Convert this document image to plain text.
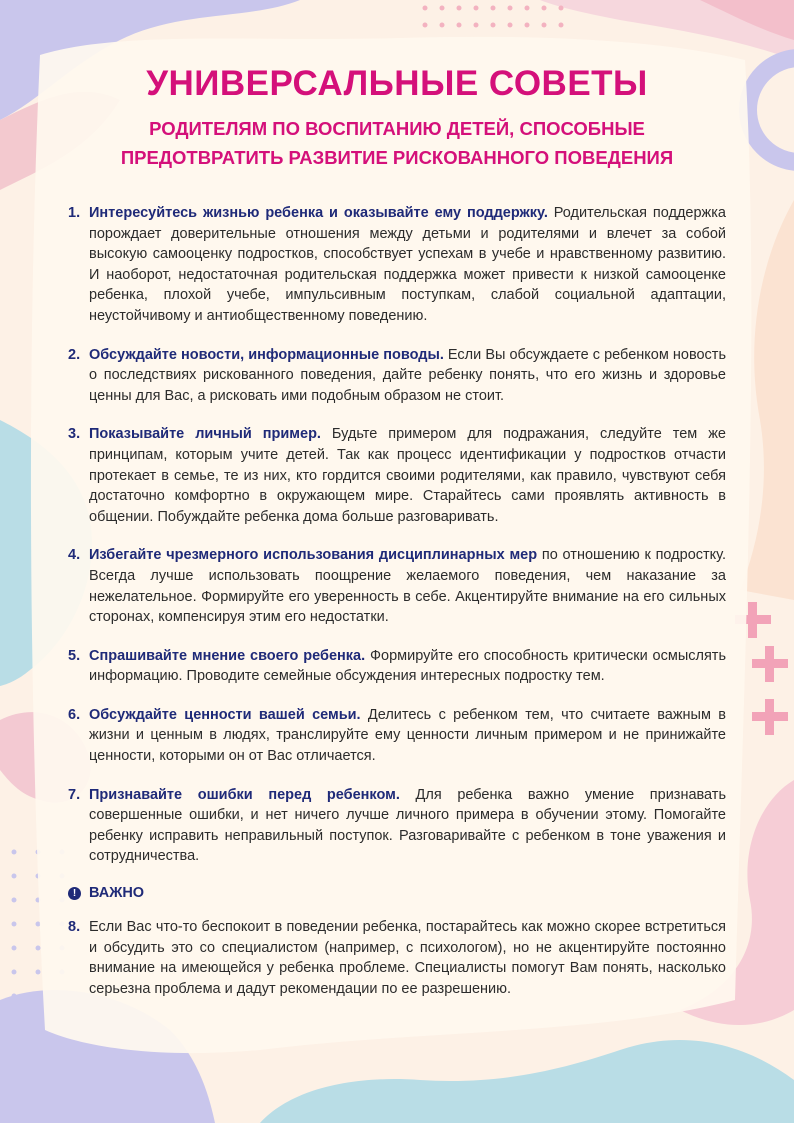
УНИВЕРСАЛЬНЫЕ СОВЕТЫ
РОДИТЕЛЯМ ПО ВОСПИТАНИЮ ДЕТЕЙ, СПОСОБНЫЕ
ПРЕДОТВРАТИТЬ РАЗВИТИЕ РИСКОВАННОГО ПОВЕДЕНИЯ
1. Интересуйтесь жизнью ребенка и оказывайте ему поддержку. Родительская поддержка порождает доверительные отношения между детьми и родителями и влечет за собой высокую самооценку подростков, способствует успехам в учебе и нравственному развитию. И наоборот, недостаточная родительская поддержка может привести к низкой самооценке ребенка, плохой учебе, импульсивным поступкам, слабой социальной адаптации, неустойчивому и антиобщественному поведению.
2. Обсуждайте новости, информационные поводы. Если Вы обсуждаете с ребенком новость о последствиях рискованного поведения, дайте ребенку понять, что его жизнь и здоровье ценны для Вас, а рисковать ими подобным образом не стоит.
3. Показывайте личный пример. Будьте примером для подражания, следуйте тем же принципам, которым учите детей. Так как процесс идентификации у подростков отчасти протекает в семье, те из них, кто гордится своими родителями, как правило, чувствуют себя достаточно комфортно в окружающем мире. Старайтесь сами проявлять активность в общении. Побуждайте ребенка дома больше разговаривать.
4. Избегайте чрезмерного использования дисциплинарных мер по отношению к подростку. Всегда лучше использовать поощрение желаемого поведения, чем наказание за нежелательное. Формируйте его уверенность в себе. Акцентируйте внимание на его сильных сторонах, компенсируя этим его недостатки.
5. Спрашивайте мнение своего ребенка. Формируйте его способность критически осмыслять информацию. Проводите семейные обсуждения интересных подростку тем.
6. Обсуждайте ценности вашей семьи. Делитесь с ребенком тем, что считаете важным в жизни и ценным в людях, транслируйте ему ценности личным примером и не принижайте ценности, которыми он от Вас отличается.
7. Признавайте ошибки перед ребенком. Для ребенка важно умение признавать совершенные ошибки, и нет ничего лучше личного примера в обучении этому. Помогайте ребенку исправить неправильный поступок. Разговаривайте с ребенком в тоне уважения и сотрудничества.
! ВАЖНО
8. Если Вас что-то беспокоит в поведении ребенка, постарайтесь как можно скорее встретиться и обсудить это со специалистом (например, с психологом), но не акцентируйте постоянно внимание на имеющейся у ребенка проблеме. Специалисты помогут Вам понять, насколько серьезна проблема и дадут рекомендации по ее разрешению.
